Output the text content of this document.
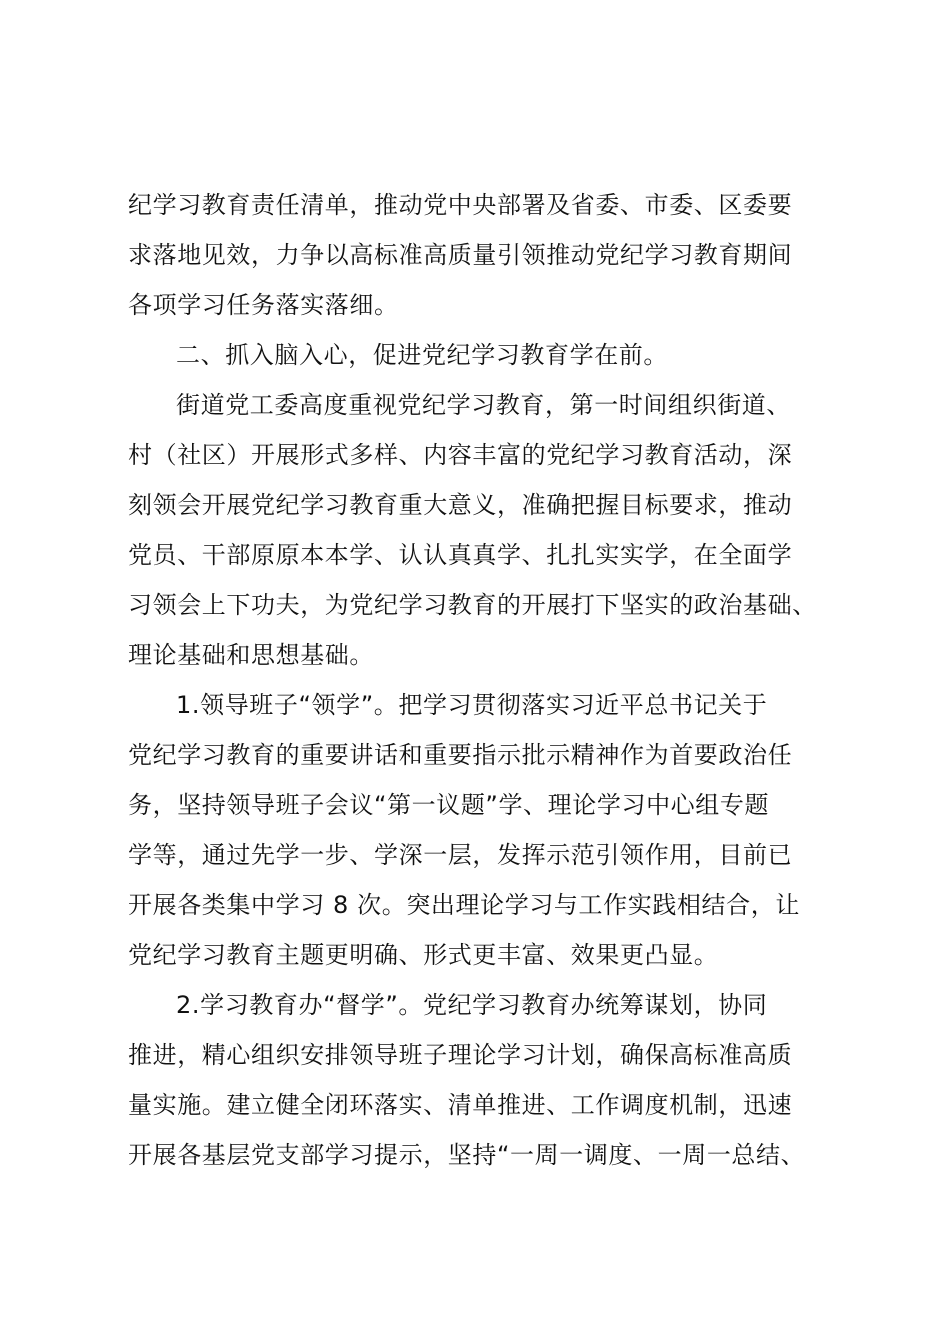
纪学习教育责任清单，推动党中央部署及省委、市委、区委要
求落地见效，力争以高标准高质量引领推动党纪学习教育期间
各项学习任务落实落细。
二、抓入脑入心，促进党纪学习教育学在前。
街道党工委高度重视党纪学习教育，第一时间组织街道、
村（社区）开展形式多样、内容丰富的党纪学习教育活动，深
刻领会开展党纪学习教育重大意义，准确把握目标要求，推动
党员、干部原原本本学、认认真真学、扎扎实实学，在全面学
习领会上下功夫，为党纪学习教育的开展打下坚实的政治基础、
理论基础和思想基础。
1.领导班子“领学”。把学习贯彻落实习近平总书记关于
党纪学习教育的重要讲话和重要指示批示精神作为首要政治任
务，坚持领导班子会议“第一议题”学、理论学习中心组专题
学等，通过先学一步、学深一层，发挥示范引领作用，目前已
开展各类集中学习 8 次。突出理论学习与工作实践相结合，让
党纪学习教育主题更明确、形式更丰富、效果更凸显。
2.学习教育办“督学”。党纪学习教育办统筹谋划，协同
推进，精心组织安排领导班子理论学习计划，确保高标准高质
量实施。建立健全闭环落实、清单推进、工作调度机制，迅速
开展各基层党支部学习提示，坚持“一周一调度、一周一总结、
